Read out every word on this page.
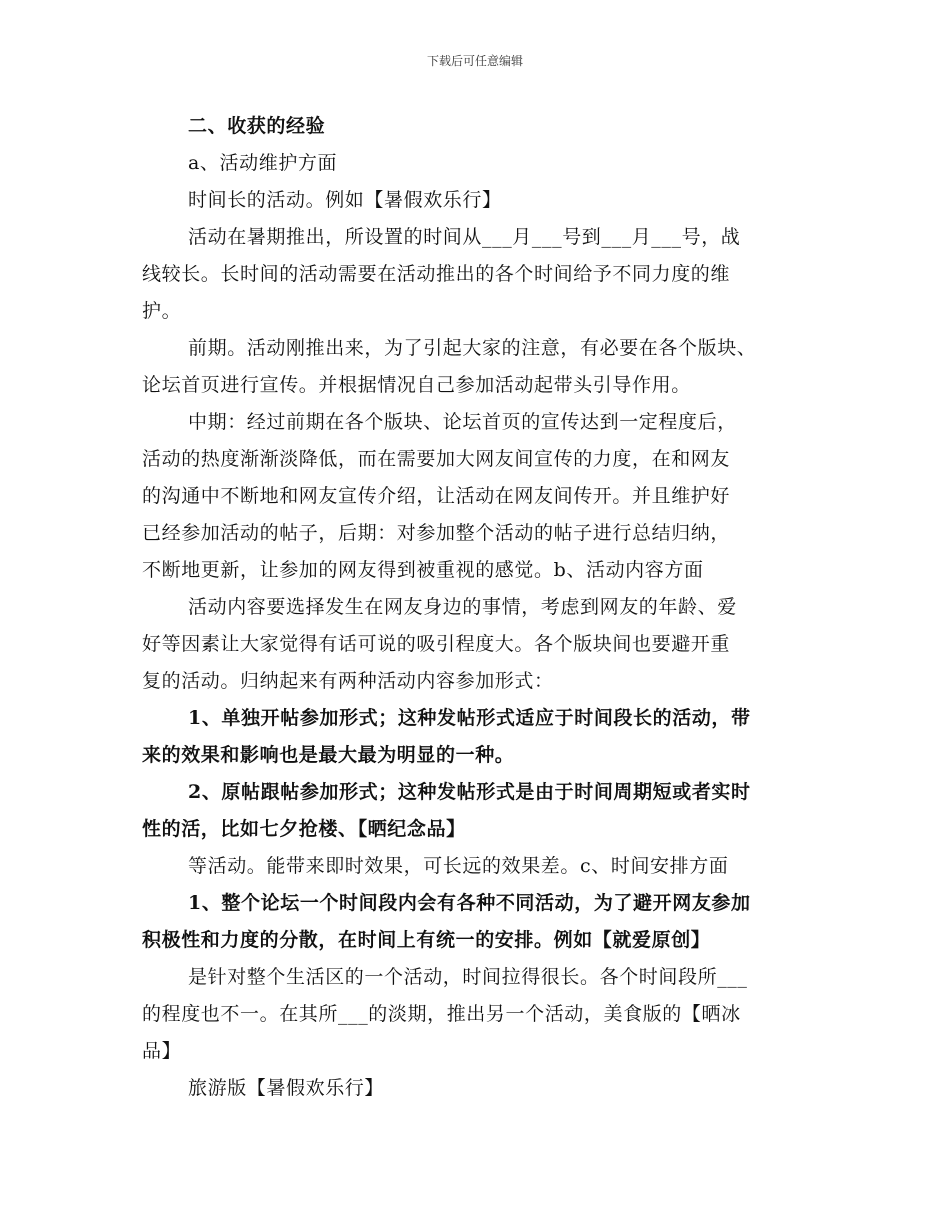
下载后可任意编辑
二、收获的经验
a、活动维护方面
时间长的活动。例如【暑假欢乐行】
活动在暑期推出，所设置的时间从___月___号到___月___号，战
线较长。长时间的活动需要在活动推出的各个时间给予不同力度的维
护。
前期。活动刚推出来，为了引起大家的注意，有必要在各个版块、
论坛首页进行宣传。并根据情况自己参加活动起带头引导作用。
中期：经过前期在各个版块、论坛首页的宣传达到一定程度后，
活动的热度渐渐淡降低，而在需要加大网友间宣传的力度，在和网友
的沟通中不断地和网友宣传介绍，让活动在网友间传开。并且维护好
已经参加活动的帖子，后期：对参加整个活动的帖子进行总结归纳，
不断地更新，让参加的网友得到被重视的感觉。b、活动内容方面
活动内容要选择发生在网友身边的事情，考虑到网友的年龄、爱
好等因素让大家觉得有话可说的吸引程度大。各个版块间也要避开重
复的活动。归纳起来有两种活动内容参加形式：
1、单独开帖参加形式；这种发帖形式适应于时间段长的活动，带
来的效果和影响也是最大最为明显的一种。
2、原帖跟帖参加形式；这种发帖形式是由于时间周期短或者实时
性的活，比如七夕抢楼、【晒纪念品】
等活动。能带来即时效果，可长远的效果差。c、时间安排方面
1、整个论坛一个时间段内会有各种不同活动，为了避开网友参加
积极性和力度的分散，在时间上有统一的安排。例如【就爱原创】
是针对整个生活区的一个活动，时间拉得很长。各个时间段所___
的程度也不一。在其所___的淡期，推出另一个活动，美食版的【晒冰
品】
旅游版【暑假欢乐行】
